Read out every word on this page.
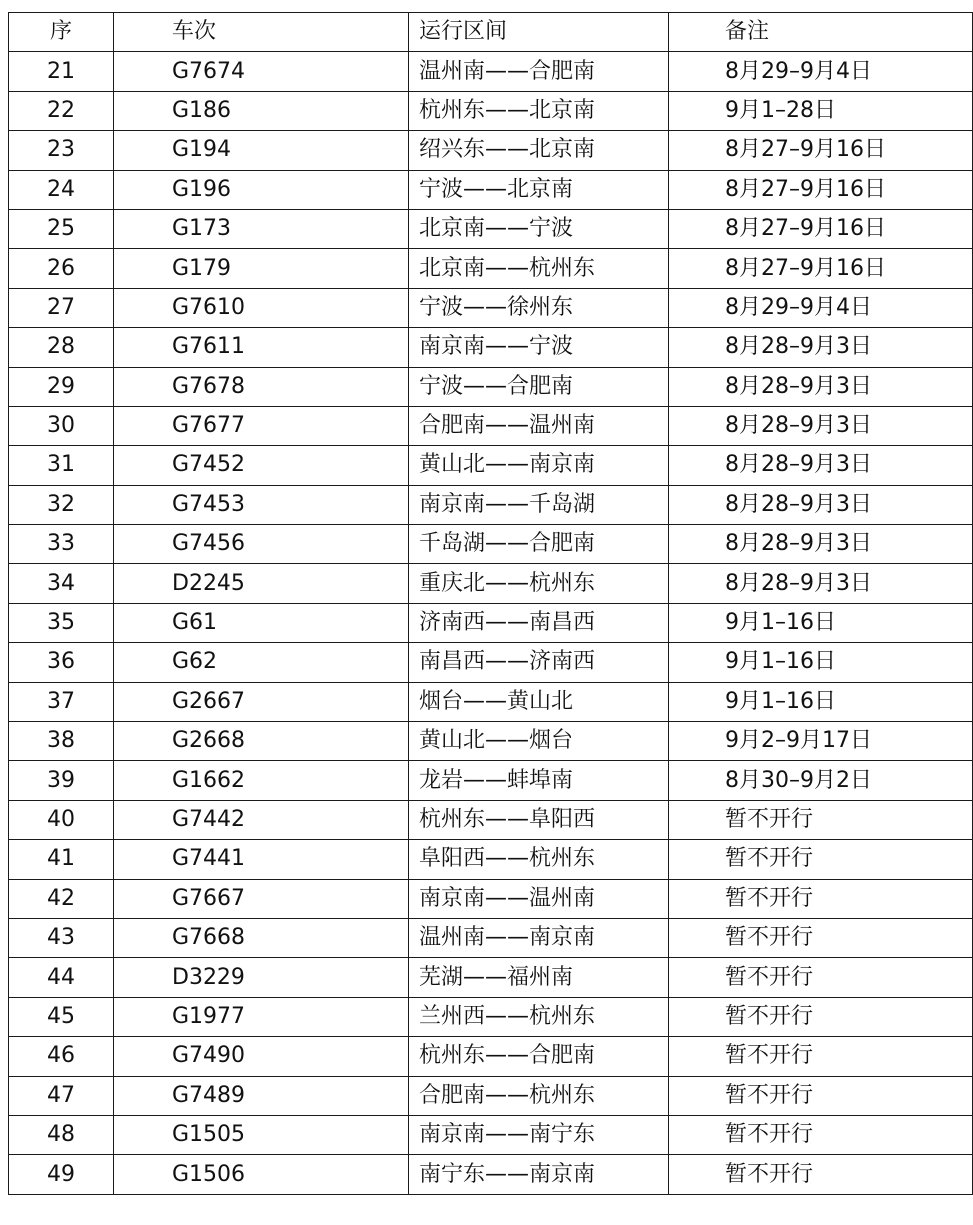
序	车次	运行区间	备注
21	G7674	温州南——合肥南	8月29–9月4日
22	G186	杭州东——北京南	9月1–28日
23	G194	绍兴东——北京南	8月27–9月16日
24	G196	宁波——北京南	8月27–9月16日
25	G173	北京南——宁波	8月27–9月16日
26	G179	北京南——杭州东	8月27–9月16日
27	G7610	宁波——徐州东	8月29–9月4日
28	G7611	南京南——宁波	8月28–9月3日
29	G7678	宁波——合肥南	8月28–9月3日
30	G7677	合肥南——温州南	8月28–9月3日
31	G7452	黄山北——南京南	8月28–9月3日
32	G7453	南京南——千岛湖	8月28–9月3日
33	G7456	千岛湖——合肥南	8月28–9月3日
34	D2245	重庆北——杭州东	8月28–9月3日
35	G61	济南西——南昌西	9月1–16日
36	G62	南昌西——济南西	9月1–16日
37	G2667	烟台——黄山北	9月1–16日
38	G2668	黄山北——烟台	9月2–9月17日
39	G1662	龙岩——蚌埠南	8月30–9月2日
40	G7442	杭州东——阜阳西	暂不开行
41	G7441	阜阳西——杭州东	暂不开行
42	G7667	南京南——温州南	暂不开行
43	G7668	温州南——南京南	暂不开行
44	D3229	芜湖——福州南	暂不开行
45	G1977	兰州西——杭州东	暂不开行
46	G7490	杭州东——合肥南	暂不开行
47	G7489	合肥南——杭州东	暂不开行
48	G1505	南京南——南宁东	暂不开行
49	G1506	南宁东——南京南	暂不开行
